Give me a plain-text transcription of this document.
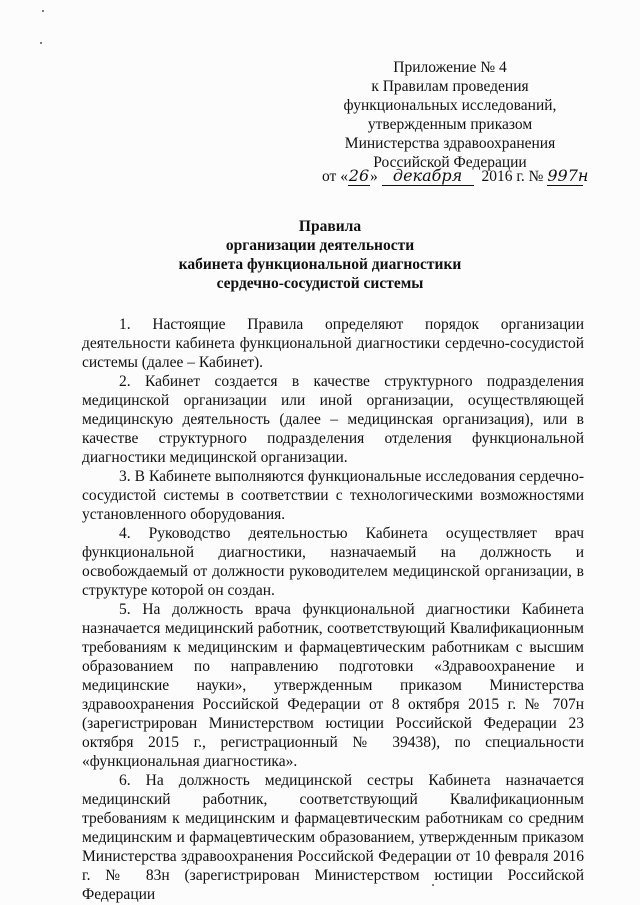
Приложение № 4
к Правилам проведения
функциональных исследований,
утвержденным приказом
Министерства здравоохранения
Российской Федерации
от «26» декабря 2016 г. № 997н
Правила
организации деятельности
кабинета функциональной диагностики
сердечно-сосудистой системы

1. Настоящие Правила определяют порядок организации деятельности кабинета функциональной диагностики сердечно-сосудистой системы (далее – Кабинет).

2. Кабинет создается в качестве структурного подразделения медицинской организации или иной организации, осуществляющей медицинскую деятельность (далее – медицинская организация), или в качестве структурного подразделения отделения функциональной диагностики медицинской организации.

3. В Кабинете выполняются функциональные исследования сердечно-сосудистой системы в соответствии с технологическими возможностями установленного оборудования.

4. Руководство деятельностью Кабинета осуществляет врач функциональной диагностики, назначаемый на должность и освобождаемый от должности руководителем медицинской организации, в структуре которой он создан.

5. На должность врача функциональной диагностики Кабинета назначается медицинский работник, соответствующий Квалификационным требованиям к медицинским и фармацевтическим работникам с высшим образованием по направлению подготовки «Здравоохранение и медицинские науки», утвержденным приказом Министерства здравоохранения Российской Федерации от 8 октября 2015 г. № 707н (зарегистрирован Министерством юстиции Российской Федерации 23 октября 2015 г., регистрационный № 39438), по специальности «функциональная диагностика».

6. На должность медицинской сестры Кабинета назначается медицинский работник, соответствующий Квалификационным требованиям к медицинским и фармацевтическим работникам со средним медицинским и фармацевтическим образованием, утвержденным приказом Министерства здравоохранения Российской Федерации от 10 февраля 2016 г. № 83н (зарегистрирован Министерством юстиции Российской Федерации
